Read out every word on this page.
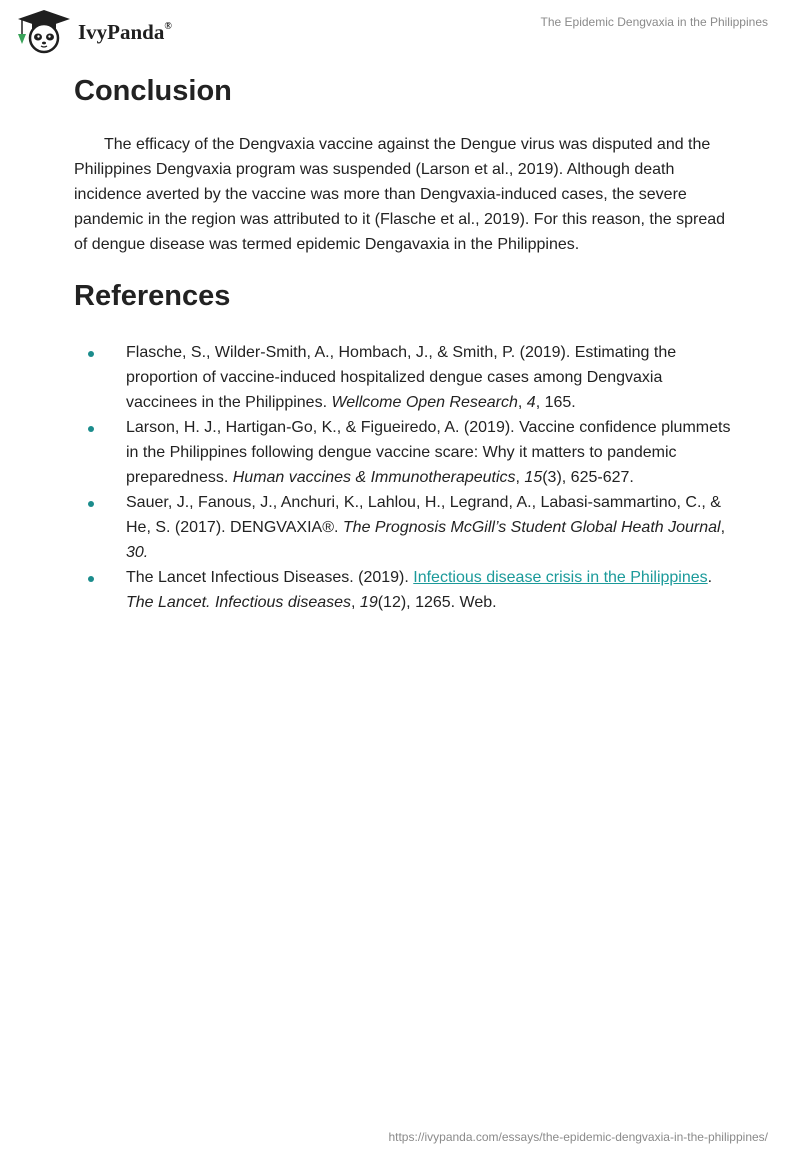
IvyPanda®	The Epidemic Dengvaxia in the Philippines
Conclusion

The efficacy of the Dengvaxia vaccine against the Dengue virus was disputed and the Philippines Dengvaxia program was suspended (Larson et al., 2019). Although death incidence averted by the vaccine was more than Dengvaxia-induced cases, the severe pandemic in the region was attributed to it (Flasche et al., 2019). For this reason, the spread of dengue disease was termed epidemic Dengavaxia in the Philippines.

References
Flasche, S., Wilder-Smith, A., Hombach, J., & Smith, P. (2019). Estimating the proportion of vaccine-induced hospitalized dengue cases among Dengvaxia vaccinees in the Philippines. Wellcome Open Research, 4, 165.
Larson, H. J., Hartigan-Go, K., & Figueiredo, A. (2019). Vaccine confidence plummets in the Philippines following dengue vaccine scare: Why it matters to pandemic preparedness. Human vaccines & Immunotherapeutics, 15(3), 625-627.
Sauer, J., Fanous, J., Anchuri, K., Lahlou, H., Legrand, A., Labasi-sammartino, C., & He, S. (2017). DENGVAXIA®. The Prognosis McGill’s Student Global Heath Journal, 30.
The Lancet Infectious Diseases. (2019). Infectious disease crisis in the Philippines. The Lancet. Infectious diseases, 19(12), 1265. Web.
https://ivypanda.com/essays/the-epidemic-dengvaxia-in-the-philippines/
